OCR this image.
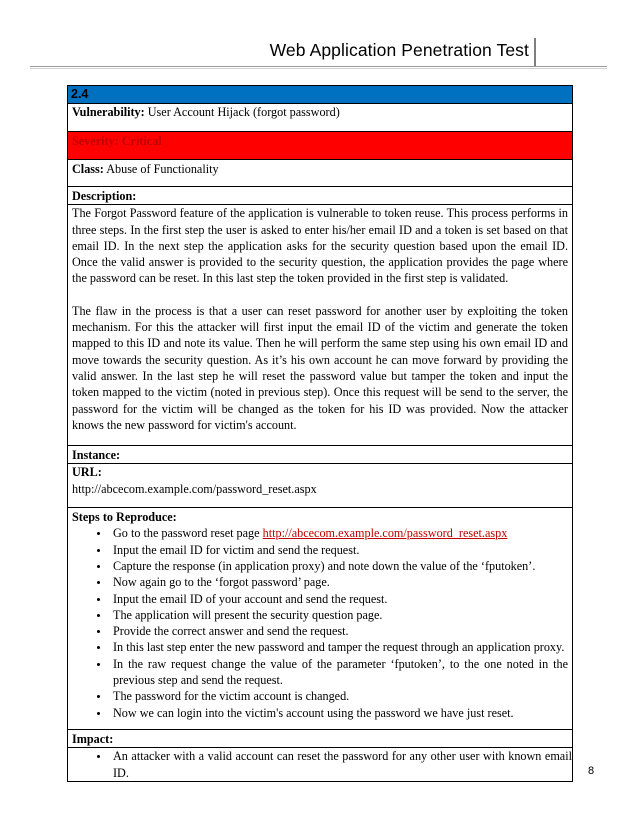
Web Application Penetration Test
2.4
Vulnerability: User Account Hijack (forgot password)
Severity: Critical
Class: Abuse of Functionality
Description:

The Forgot Password feature of the application is vulnerable to token reuse. This process performs in three steps. In the first step the user is asked to enter his/her email ID and a token is set based on that email ID. In the next step the application asks for the security question based upon the email ID. Once the valid answer is provided to the security question, the application provides the page where the password can be reset. In this last step the token provided in the first step is validated.

The flaw in the process is that a user can reset password for another user by exploiting the token mechanism. For this the attacker will first input the email ID of the victim and generate the token mapped to this ID and note its value. Then he will perform the same step using his own email ID and move towards the security question. As it’s his own account he can move forward by providing the valid answer. In the last step he will reset the password value but tamper the token and input the token mapped to the victim (noted in previous step). Once this request will be send to the server, the password for the victim will be changed as the token for his ID was provided. Now the attacker knows the new password for victim's account.

Instance:
URL:
http://abcecom.example.com/password_reset.aspx
Steps to Reproduce:
• Go to the password reset page http://abcecom.example.com/password_reset.aspx
• Input the email ID for victim and send the request.
• Capture the response (in application proxy) and note down the value of the ‘fputoken’.
• Now again go to the ‘forgot password’ page.
• Input the email ID of your account and send the request.
• The application will present the security question page.
• Provide the correct answer and send the request.
• In this last step enter the new password and tamper the request through an application proxy.
• In the raw request change the value of the parameter ‘fputoken’, to the one noted in the previous step and send the request.
• The password for the victim account is changed.
• Now we can login into the victim's account using the password we have just reset.
Impact:
• An attacker with a valid account can reset the password for any other user with known email ID.	8
